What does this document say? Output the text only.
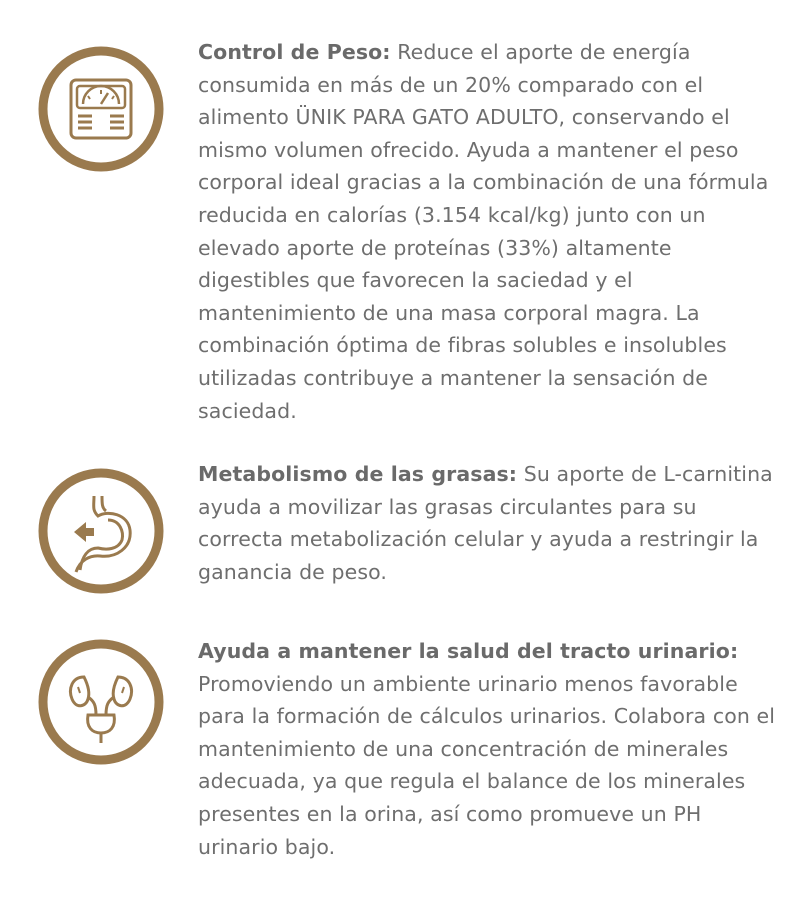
Control de Peso: Reduce el aporte de energía consumida en más de un 20% comparado con el alimento ÜNIK PARA GATO ADULTO, conservando el mismo volumen ofrecido. Ayuda a mantener el peso corporal ideal gracias a la combinación de una fórmula reducida en calorías (3.154 kcal/kg) junto con un elevado aporte de proteínas (33%) altamente digestibles que favorecen la saciedad y el mantenimiento de una masa corporal magra. La combinación óptima de fibras solubles e insolubles utilizadas contribuye a mantener la sensación de saciedad.

Metabolismo de las grasas: Su aporte de L-carnitina ayuda a movilizar las grasas circulantes para su correcta metabolización celular y ayuda a restringir la ganancia de peso.

Ayuda a mantener la salud del tracto urinario: Promoviendo un ambiente urinario menos favorable para la formación de cálculos urinarios. Colabora con el mantenimiento de una concentración de minerales adecuada, ya que regula el balance de los minerales presentes en la orina, así como promueve un PH urinario bajo.
